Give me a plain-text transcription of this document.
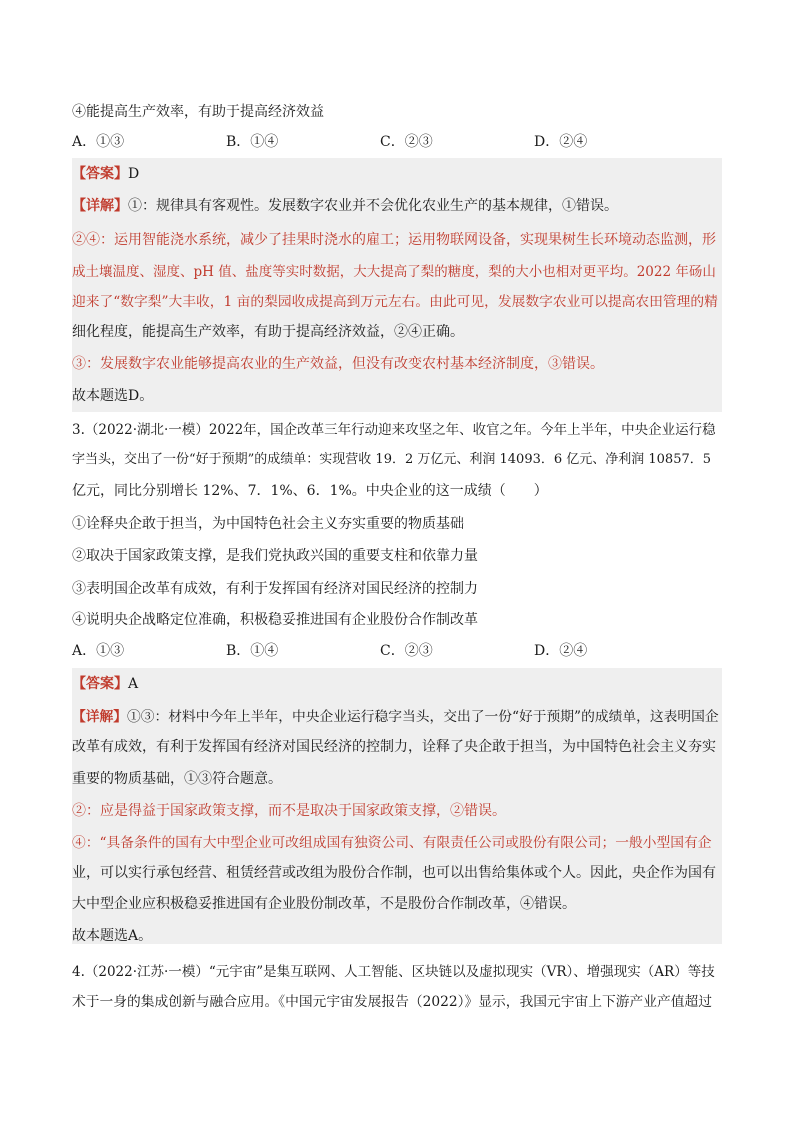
④能提高生产效率，有助于提高经济效益
A．①③	B．①④	C．②③	D．②④
【答案】D
【详解】①：规律具有客观性。发展数字农业并不会优化农业生产的基本规律，①错误。
②④：运用智能浇水系统，减少了挂果时浇水的雇工；运用物联网设备，实现果树生长环境动态监测，形
成土壤温度、湿度、pH 值、盐度等实时数据，大大提高了梨的糖度，梨的大小也相对更平均。2022 年砀山
迎来了“数字梨”大丰收，1 亩的梨园收成提高到万元左右。由此可见，发展数字农业可以提高农田管理的精
细化程度，能提高生产效率，有助于提高经济效益，②④正确。
③：发展数字农业能够提高农业的生产效益，但没有改变农村基本经济制度，③错误。
故本题选D。
3.（2022·湖北·一模）2022年，国企改革三年行动迎来攻坚之年、收官之年。今年上半年，中央企业运行稳
字当头，交出了一份“好于预期”的成绩单：实现营收 19．2 万亿元、利润 14093．6 亿元、净利润 10857．5
亿元，同比分别增长 12%、7．1%、6．1%。中央企业的这一成绩（　　）
①诠释央企敢于担当，为中国特色社会主义夯实重要的物质基础
②取决于国家政策支撑，是我们党执政兴国的重要支柱和依靠力量
③表明国企改革有成效，有利于发挥国有经济对国民经济的控制力
④说明央企战略定位准确，积极稳妥推进国有企业股份合作制改革
A．①③	B．①④	C．②③	D．②④
【答案】A
【详解】①③：材料中今年上半年，中央企业运行稳字当头，交出了一份“好于预期”的成绩单，这表明国企
改革有成效，有利于发挥国有经济对国民经济的控制力，诠释了央企敢于担当，为中国特色社会主义夯实
重要的物质基础，①③符合题意。
②：应是得益于国家政策支撑，而不是取决于国家政策支撑，②错误。
④：“具备条件的国有大中型企业可改组成国有独资公司、有限责任公司或股份有限公司；一般小型国有企
业，可以实行承包经营、租赁经营或改组为股份合作制，也可以出售给集体或个人。因此，央企作为国有
大中型企业应积极稳妥推进国有企业股份制改革，不是股份合作制改革，④错误。
故本题选A。
4.（2022·江苏·一模）“元宇宙”是集互联网、人工智能、区块链以及虚拟现实（VR）、增强现实（AR）等技
术于一身的集成创新与融合应用。《中国元宇宙发展报告（2022）》显示，我国元宇宙上下游产业产值超过
